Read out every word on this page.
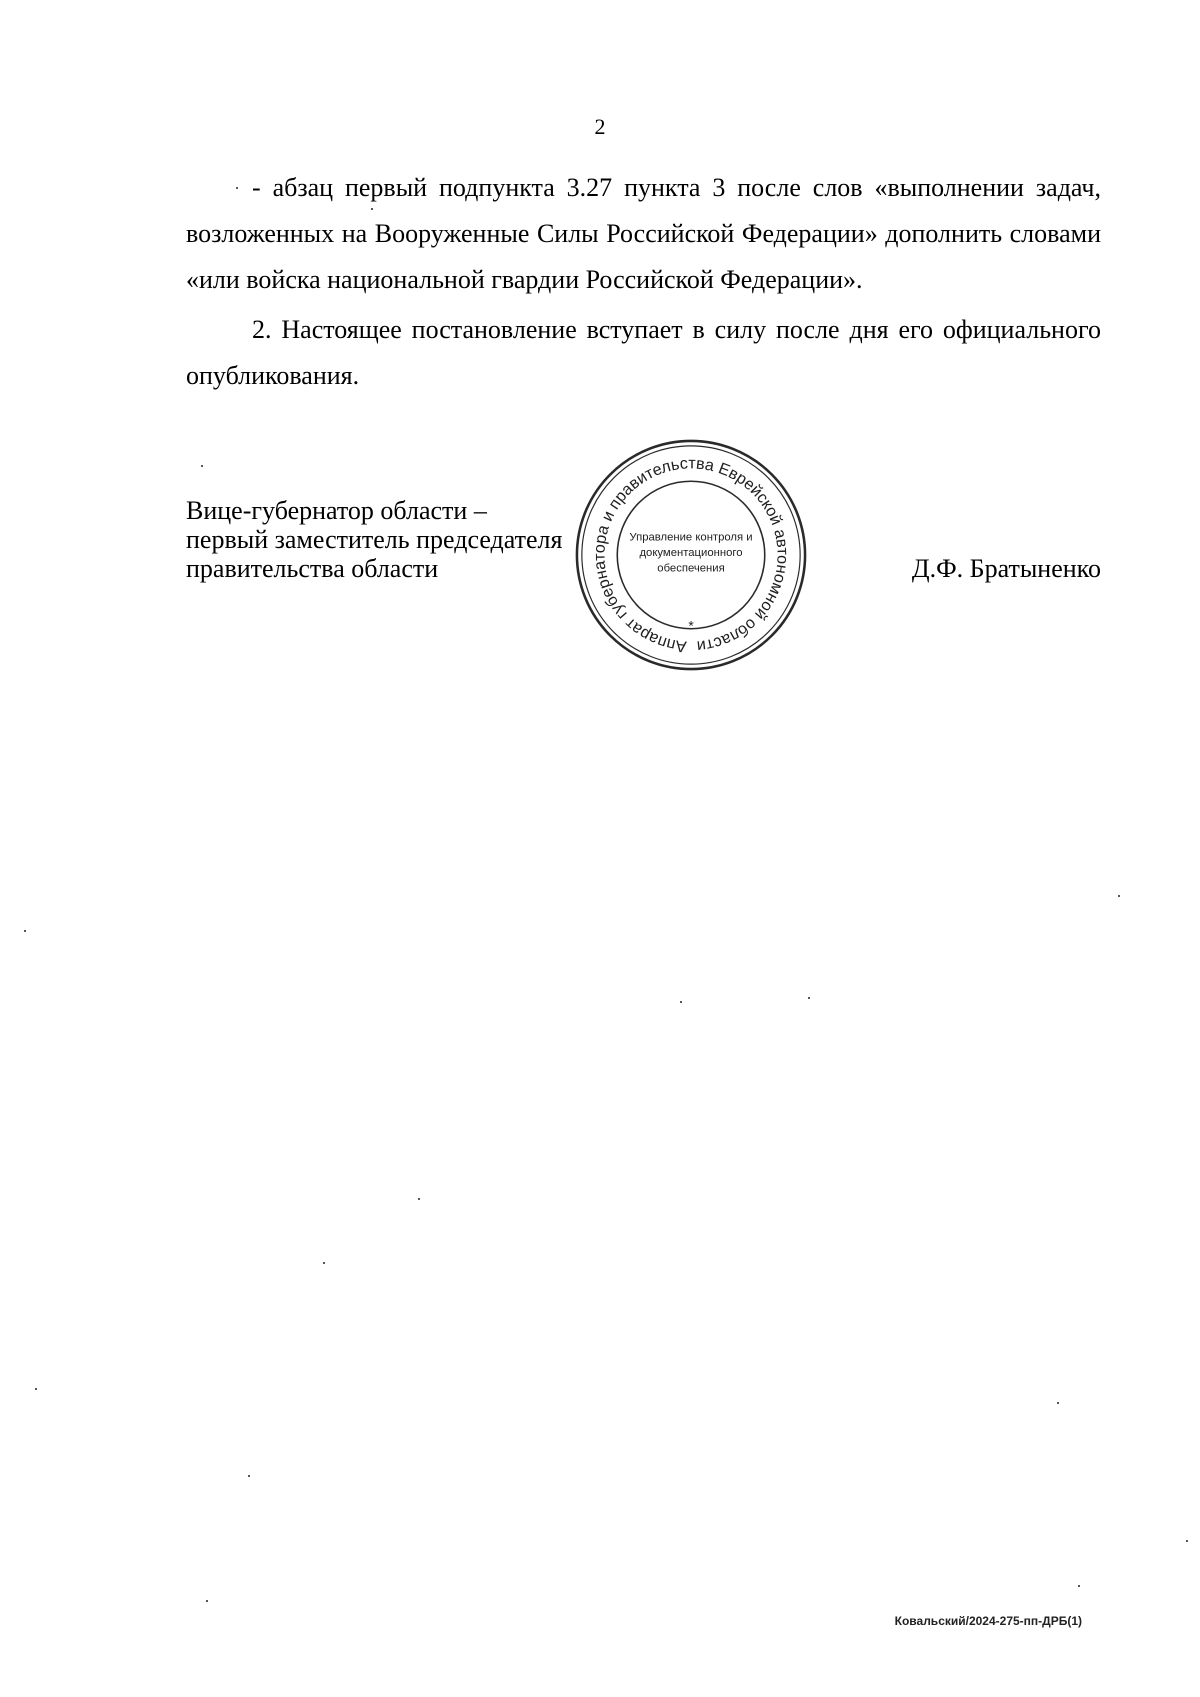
2

- абзац первый подпункта 3.27 пункта 3 после слов «выполнении задач, возложенных на Вооруженные Силы Российской Федерации» дополнить словами «или войска национальной гвардии Российской Федерации».

2. Настоящее постановление вступает в силу после дня его официального опубликования.

Вице-губернатор области –
первый заместитель председателя
правительства области	Д.Ф. Братыненко
Аппарат губернатора и правительства Еврейской автономной области
Управление контроля и
документационного
обеспечения
*
Ковальский/2024-275-пп-ДРБ(1)
